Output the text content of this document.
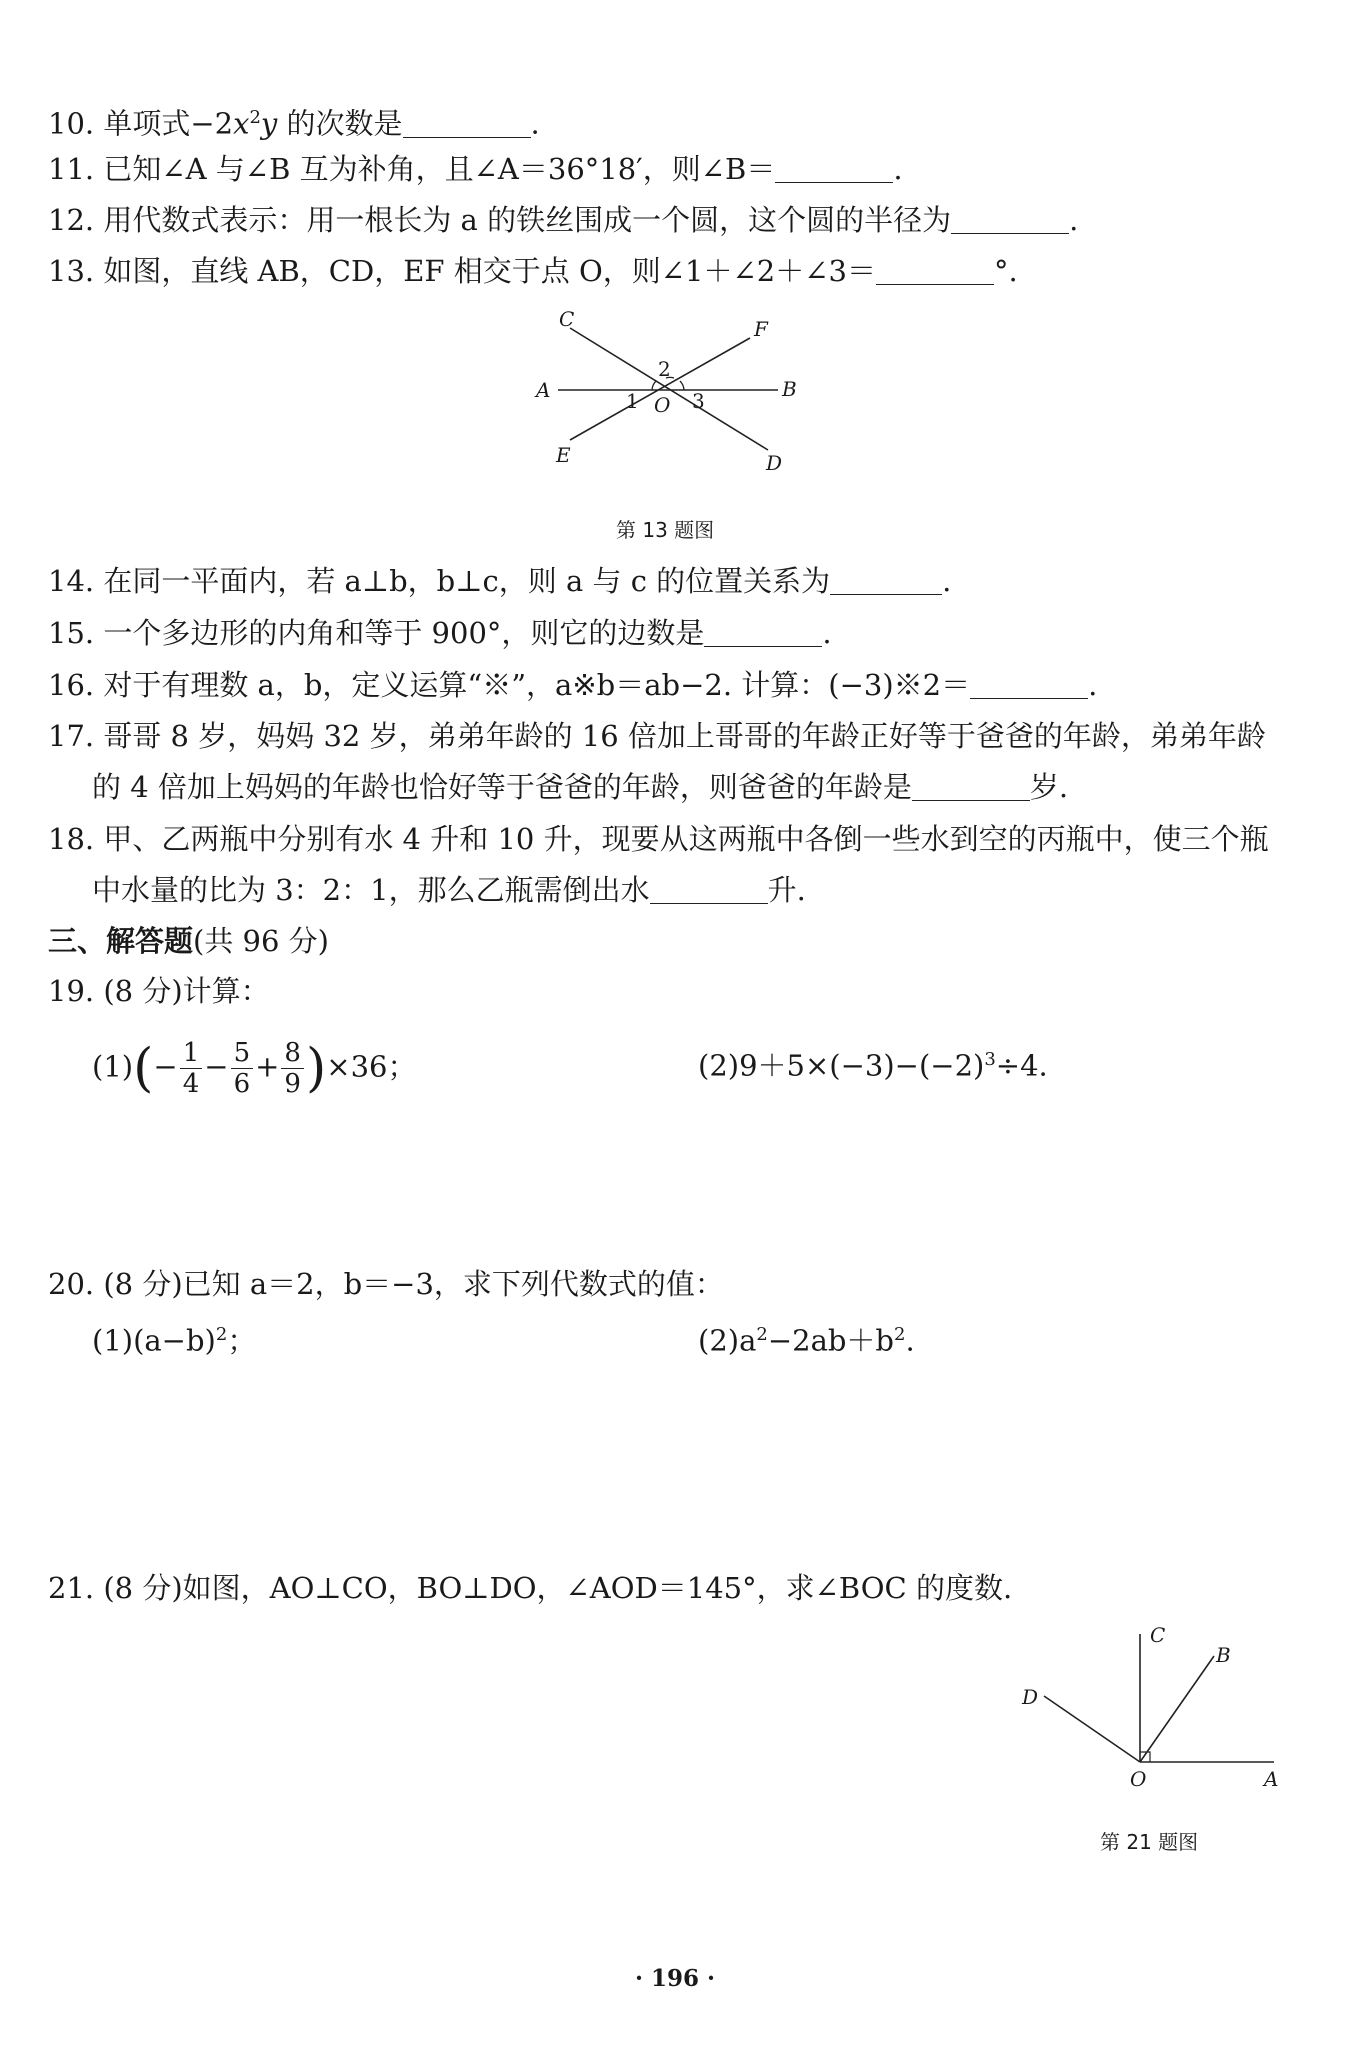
10. 单项式$-2x^2y$ 的次数是	.
11. 已知∠A 与∠B 互为补角，且∠A＝36°18′，则∠B＝	.
12. 用代数式表示：用一根长为 a 的铁丝围成一个圆，这个圆的半径为	.
13. 如图，直线 AB，CD，EF 相交于点 O，则∠1＋∠2＋∠3＝	°.
C	F
A	B
E	D
O
1
2
3
第 13 题图
14. 在同一平面内，若 a⊥b，b⊥c，则 a 与 c 的位置关系为	.
15. 一个多边形的内角和等于 900°，则它的边数是	.
16. 对于有理数 a，b，定义运算“※”，a※b＝ab−2. 计算：(−3)※2＝	.
17. 哥哥 8 岁，妈妈 32 岁，弟弟年龄的 16 倍加上哥哥的年龄正好等于爸爸的年龄，弟弟年龄
的 4 倍加上妈妈的年龄也恰好等于爸爸的年龄，则爸爸的年龄是	岁.
18. 甲、乙两瓶中分别有水 4 升和 10 升，现要从这两瓶中各倒一些水到空的丙瓶中，使三个瓶
中水量的比为 3：2：1，那么乙瓶需倒出水	升.
三、解答题(共 96 分)
19. (8 分)计算：
$(1)(- \frac{1}{4} - \frac{5}{6} + \frac{8}{9} )\times 36$；	$(2)9+5\times(-3)-(-2)^3\div 4$.
20. (8 分)已知 a＝2，b＝−3，求下列代数式的值：
$(1)(a-b)^2$；	$(2)a^2-2ab+b^2$.
21. (8 分)如图，AO⊥CO，BO⊥DO，∠AOD＝145°，求∠BOC 的度数.
C
B
D
O	A
第 21 题图
· 196 ·
